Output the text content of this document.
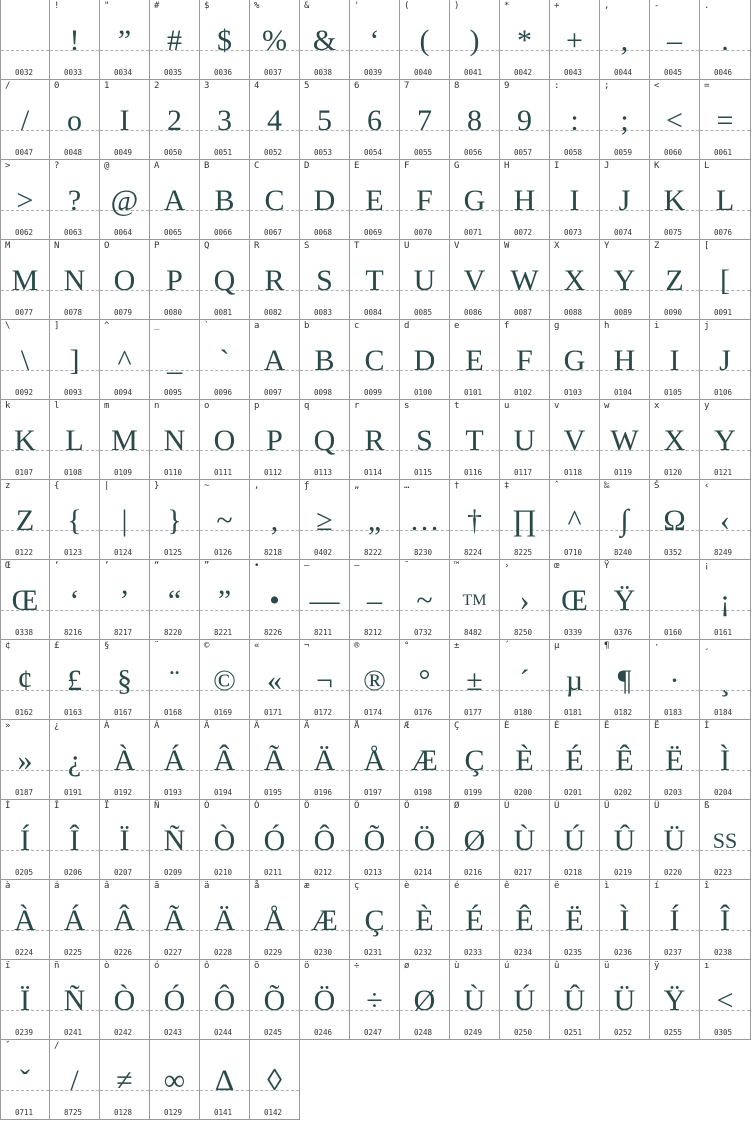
0032
!
!
0033
"
”
0034
#
#
0035
$
$
0036
%
%
0037
&
&
0038
'
‘
0039
(
(
0040
)
)
0041
*
*
0042
+
+
0043
,
,
0044
-
–
0045
.
.
0046
/
/
0047
0
o
0048
1
I
0049
2
2
0050
3
3
0051
4
4
0052
5
5
0053
6
6
0054
7
7
0055
8
8
0056
9
9
0057
:
:
0058
;
;
0059
<
<
0060
=
=
0061
>
>
0062
?
?
0063
@
@
0064
A
A
0065
B
B
0066
C
C
0067
D
D
0068
E
E
0069
F
F
0070
G
G
0071
H
H
0072
I
I
0073
J
J
0074
K
K
0075
L
L
0076
M
M
0077
N
N
0078
O
O
0079
P
P
0080
Q
Q
0081
R
R
0082
S
S
0083
T
T
0084
U
U
0085
V
V
0086
W
W
0087
X
X
0088
Y
Y
0089
Z
Z
0090
[
[
0091
\
\
0092
]
]
0093
^
^
0094
_
_
0095
`
`
0096
a
A
0097
b
B
0098
c
C
0099
d
D
0100
e
E
0101
f
F
0102
g
G
0103
h
H
0104
i
I
0105
j
J
0106
k
K
0107
l
L
0108
m
M
0109
n
N
0110
o
O
0111
p
P
0112
q
Q
0113
r
R
0114
s
S
0115
t
T
0116
u
U
0117
v
V
0118
w
W
0119
x
X
0120
y
Y
0121
z
Z
0122
{
{
0123
|
|
0124
}
}
0125
~
~
0126
‚
,
8218
ƒ
≥
0402
„
„
8222
…
…
8230
†
†
8224
‡
∏
8225
ˆ
^
0710
‰
∫
8240
Š
Ω
0352
‹
‹
8249
Œ
Œ
0338
‘
‘
8216
’
’
8217
“
“
8220
”
”
8221
•
•
8226
–
—
8211
—
–
8212
˜
~
0732
™
TM
8482
›
›
8250
œ
Œ
0339
Ÿ
Ÿ
0376	0160
¡
¡
0161
¢
¢
0162
£
£
0163
§
§
0167
¨
¨
0168
©
©
0169
«
«
0171
¬
¬
0172
®
®
0174
°
°
0176
±
±
0177
´
´
0180
µ
µ
0181
¶
¶
0182
·
·
0183
¸
¸
0184
»
»
0187
¿
¿
0191
À
À
0192
Á
Á
0193
Â
Â
0194
Ã
Ã
0195
Ä
Ä
0196
Å
Å
0197
Æ
Æ
0198
Ç
Ç
0199
È
È
0200
É
É
0201
Ê
Ê
0202
Ë
Ë
0203
Ì
Ì
0204
Í
Í
0205
Î
Î
0206
Ï
Ï
0207
Ñ
Ñ
0209
Ò
Ò
0210
Ó
Ó
0211
Ô
Ô
0212
Õ
Õ
0213
Ö
Ö
0214
Ø
Ø
0216
Ù
Ù
0217
Ú
Ú
0218
Û
Û
0219
Ü
Ü
0220
ß
SS
0223
à
À
0224
á
Á
0225
â
Â
0226
ã
Ã
0227
ä
Ä
0228
å
Å
0229
æ
Æ
0230
ç
Ç
0231
è
È
0232
é
É
0233
ê
Ê
0234
ë
Ë
0235
ì
Ì
0236
í
Í
0237
î
Î
0238
ï
Ï
0239
ñ
Ñ
0241
ò
Ò
0242
ó
Ó
0243
ô
Ô
0244
õ
Õ
0245
ö
Ö
0246
÷
÷
0247
ø
Ø
0248
ù
Ù
0249
ú
Ú
0250
û
Û
0251
ü
Ü
0252
ÿ
Ÿ
0255
ı
<
0305
ˇ
ˇ
0711
/
/
8725
≠
0128
∞
0129
Δ
0141
◊
0142
